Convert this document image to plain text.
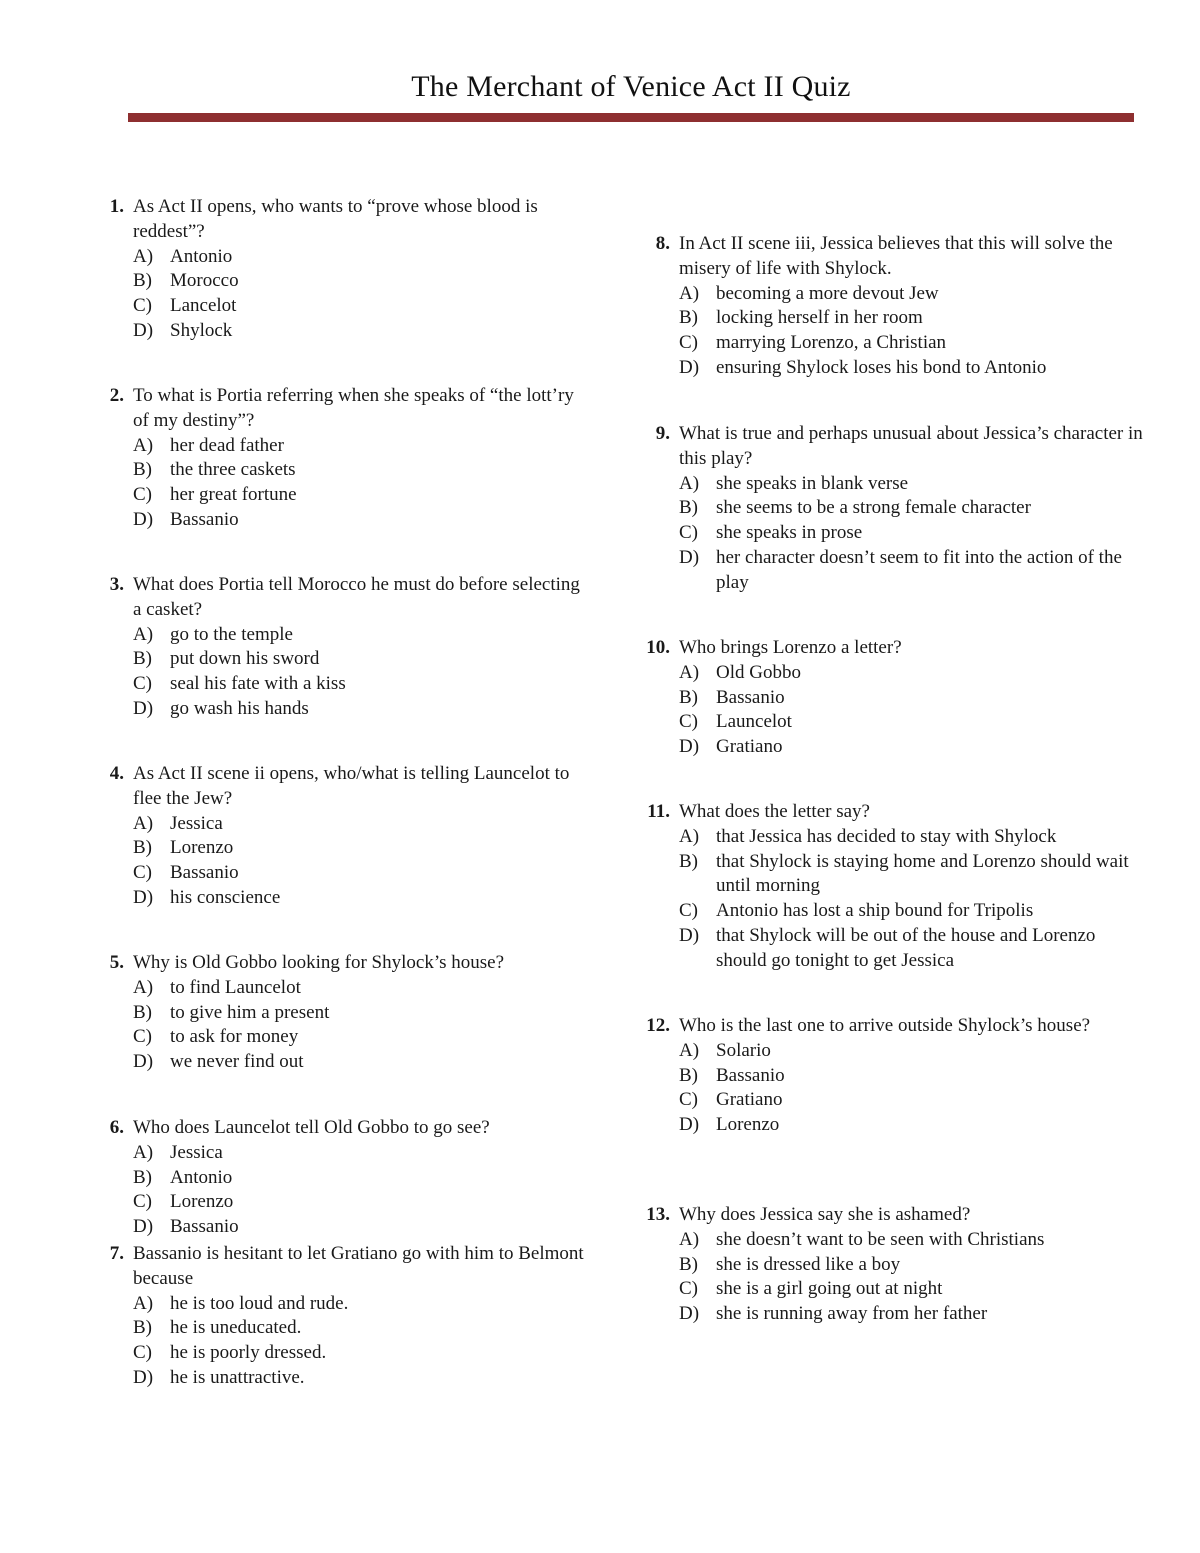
The Merchant of Venice Act II Quiz
1. As Act II opens, who wants to “prove whose blood is reddest”?
A) Antonio
B) Morocco
C) Lancelot
D) Shylock
2. To what is Portia referring when she speaks of “the lott’ry of my destiny”?
A) her dead father
B) the three caskets
C) her great fortune
D) Bassanio
3. What does Portia tell Morocco he must do before selecting a casket?
A) go to the temple
B) put down his sword
C) seal his fate with a kiss
D) go wash his hands
4. As Act II scene ii opens, who/what is telling Launcelot to flee the Jew?
A) Jessica
B) Lorenzo
C) Bassanio
D) his conscience
5. Why is Old Gobbo looking for Shylock’s house?
A) to find Launcelot
B) to give him a present
C) to ask for money
D) we never find out
6. Who does Launcelot tell Old Gobbo to go see?
A) Jessica
B) Antonio
C) Lorenzo
D) Bassanio
7. Bassanio is hesitant to let Gratiano go with him to Belmont because
A) he is too loud and rude.
B) he is uneducated.
C) he is poorly dressed.
D) he is unattractive.
8. In Act II scene iii, Jessica believes that this will solve the misery of life with Shylock.
A) becoming a more devout Jew
B) locking herself in her room
C) marrying Lorenzo, a Christian
D) ensuring Shylock loses his bond to Antonio
9. What is true and perhaps unusual about Jessica’s character in this play?
A) she speaks in blank verse
B) she seems to be a strong female character
C) she speaks in prose
D) her character doesn’t seem to fit into the action of the play
10. Who brings Lorenzo a letter?
A) Old Gobbo
B) Bassanio
C) Launcelot
D) Gratiano
11. What does the letter say?
A) that Jessica has decided to stay with Shylock
B) that Shylock is staying home and Lorenzo should wait until morning
C) Antonio has lost a ship bound for Tripolis
D) that Shylock will be out of the house and Lorenzo should go tonight to get Jessica
12. Who is the last one to arrive outside Shylock’s house?
A) Solario
B) Bassanio
C) Gratiano
D) Lorenzo
13. Why does Jessica say she is ashamed?
A) she doesn’t want to be seen with Christians
B) she is dressed like a boy
C) she is a girl going out at night
D) she is running away from her father
